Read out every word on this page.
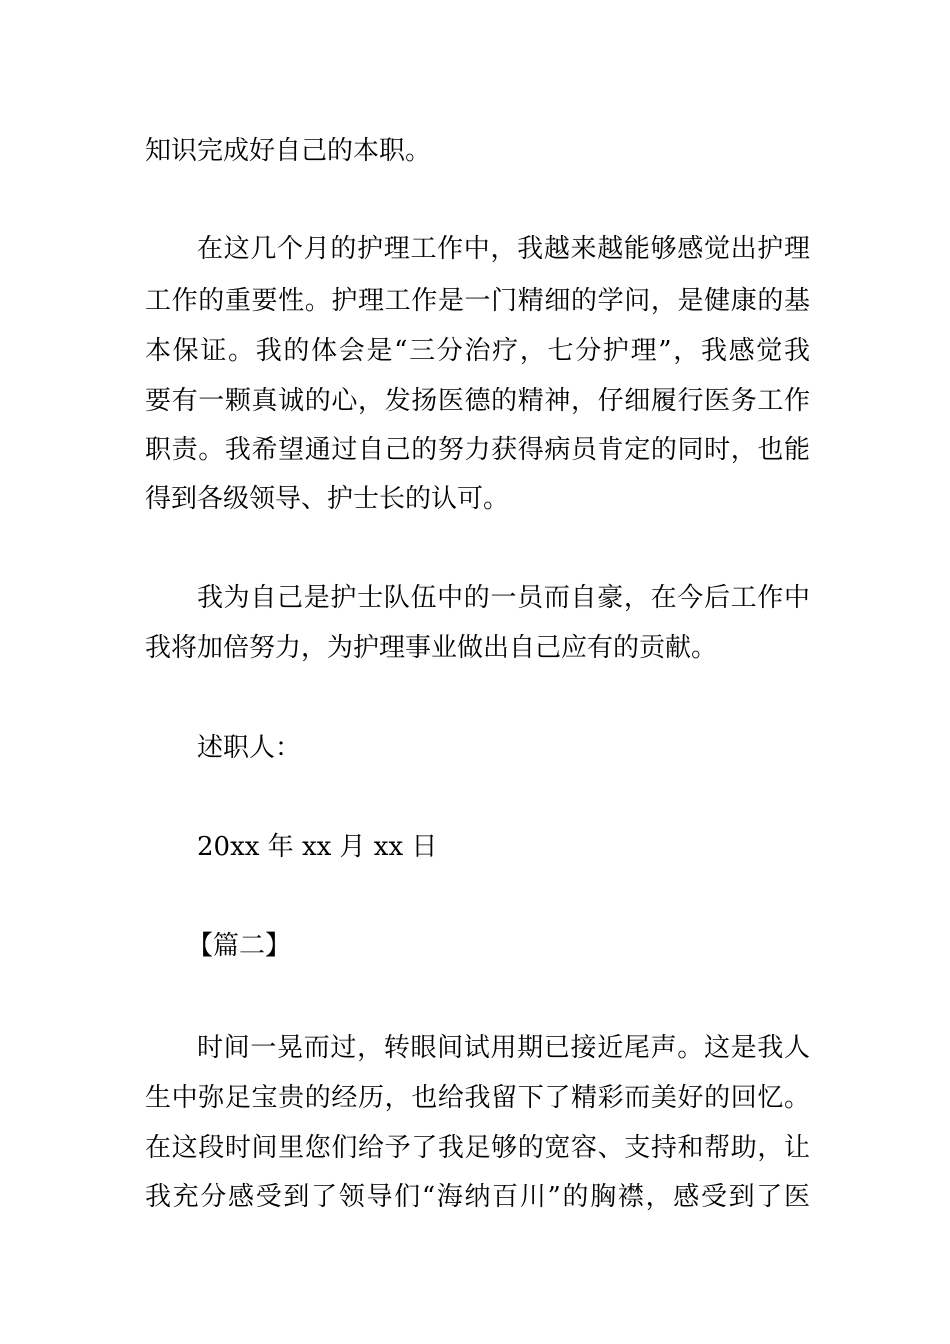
知识完成好自己的本职。
在这几个月的护理工作中，我越来越能够感觉出护理
工作的重要性。护理工作是一门精细的学问，是健康的基
本保证。我的体会是“三分治疗，七分护理”，我感觉我
要有一颗真诚的心，发扬医德的精神，仔细履行医务工作
职责。我希望通过自己的努力获得病员肯定的同时，也能
得到各级领导、护士长的认可。
我为自己是护士队伍中的一员而自豪，在今后工作中
我将加倍努力，为护理事业做出自己应有的贡献。
述职人：
20xx 年 xx 月 xx 日
【篇二】
时间一晃而过，转眼间试用期已接近尾声。这是我人
生中弥足宝贵的经历，也给我留下了精彩而美好的回忆。
在这段时间里您们给予了我足够的宽容、支持和帮助，让
我充分感受到了领导们“海纳百川”的胸襟，感受到了医
